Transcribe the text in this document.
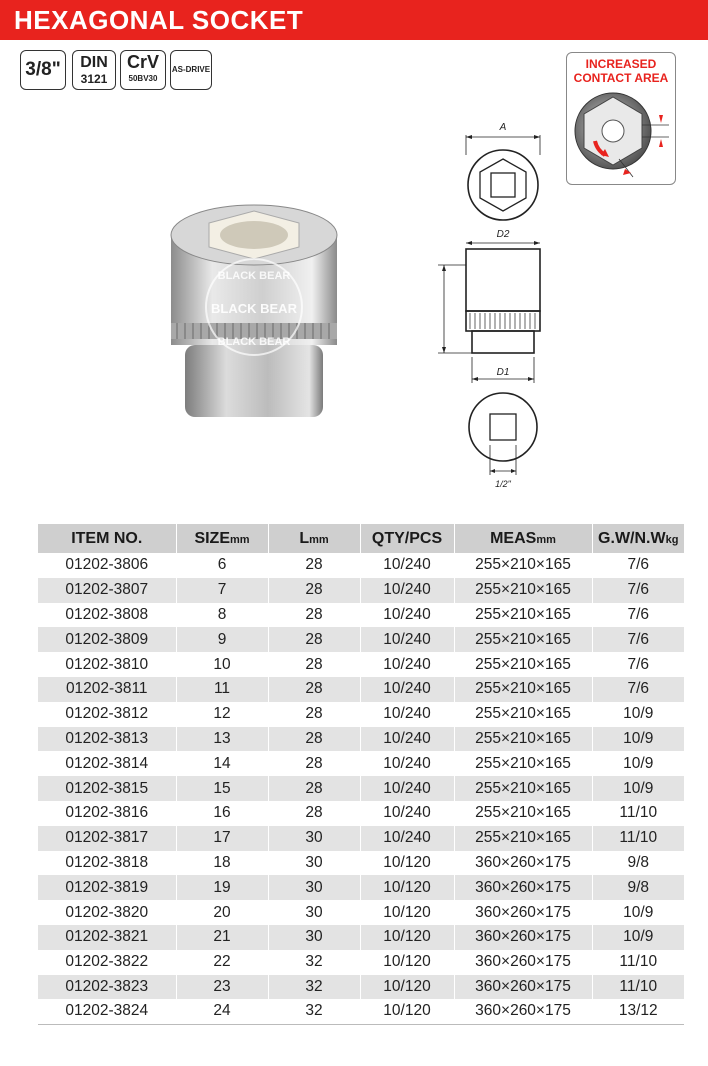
HEXAGONAL SOCKET
3/8"	DIN
3121
CrV
50BV30
AS-DRIVE	INCREASED
CONTACT AREA
BLACK BEAR
BLACK BEAR
BLACK BEAR
A
D2
D1
1/2"
ITEM NO.	SIZEmm	Lmm	QTY/PCS	MEASmm	G.W/N.Wkg
01202-3806	6	28	10/240	255×210×165	7/6
01202-3807	7	28	10/240	255×210×165	7/6
01202-3808	8	28	10/240	255×210×165	7/6
01202-3809	9	28	10/240	255×210×165	7/6
01202-3810	10	28	10/240	255×210×165	7/6
01202-3811	11	28	10/240	255×210×165	7/6
01202-3812	12	28	10/240	255×210×165	10/9
01202-3813	13	28	10/240	255×210×165	10/9
01202-3814	14	28	10/240	255×210×165	10/9
01202-3815	15	28	10/240	255×210×165	10/9
01202-3816	16	28	10/240	255×210×165	11/10
01202-3817	17	30	10/240	255×210×165	11/10
01202-3818	18	30	10/120	360×260×175	9/8
01202-3819	19	30	10/120	360×260×175	9/8
01202-3820	20	30	10/120	360×260×175	10/9
01202-3821	21	30	10/120	360×260×175	10/9
01202-3822	22	32	10/120	360×260×175	11/10
01202-3823	23	32	10/120	360×260×175	11/10
01202-3824	24	32	10/120	360×260×175	13/12
